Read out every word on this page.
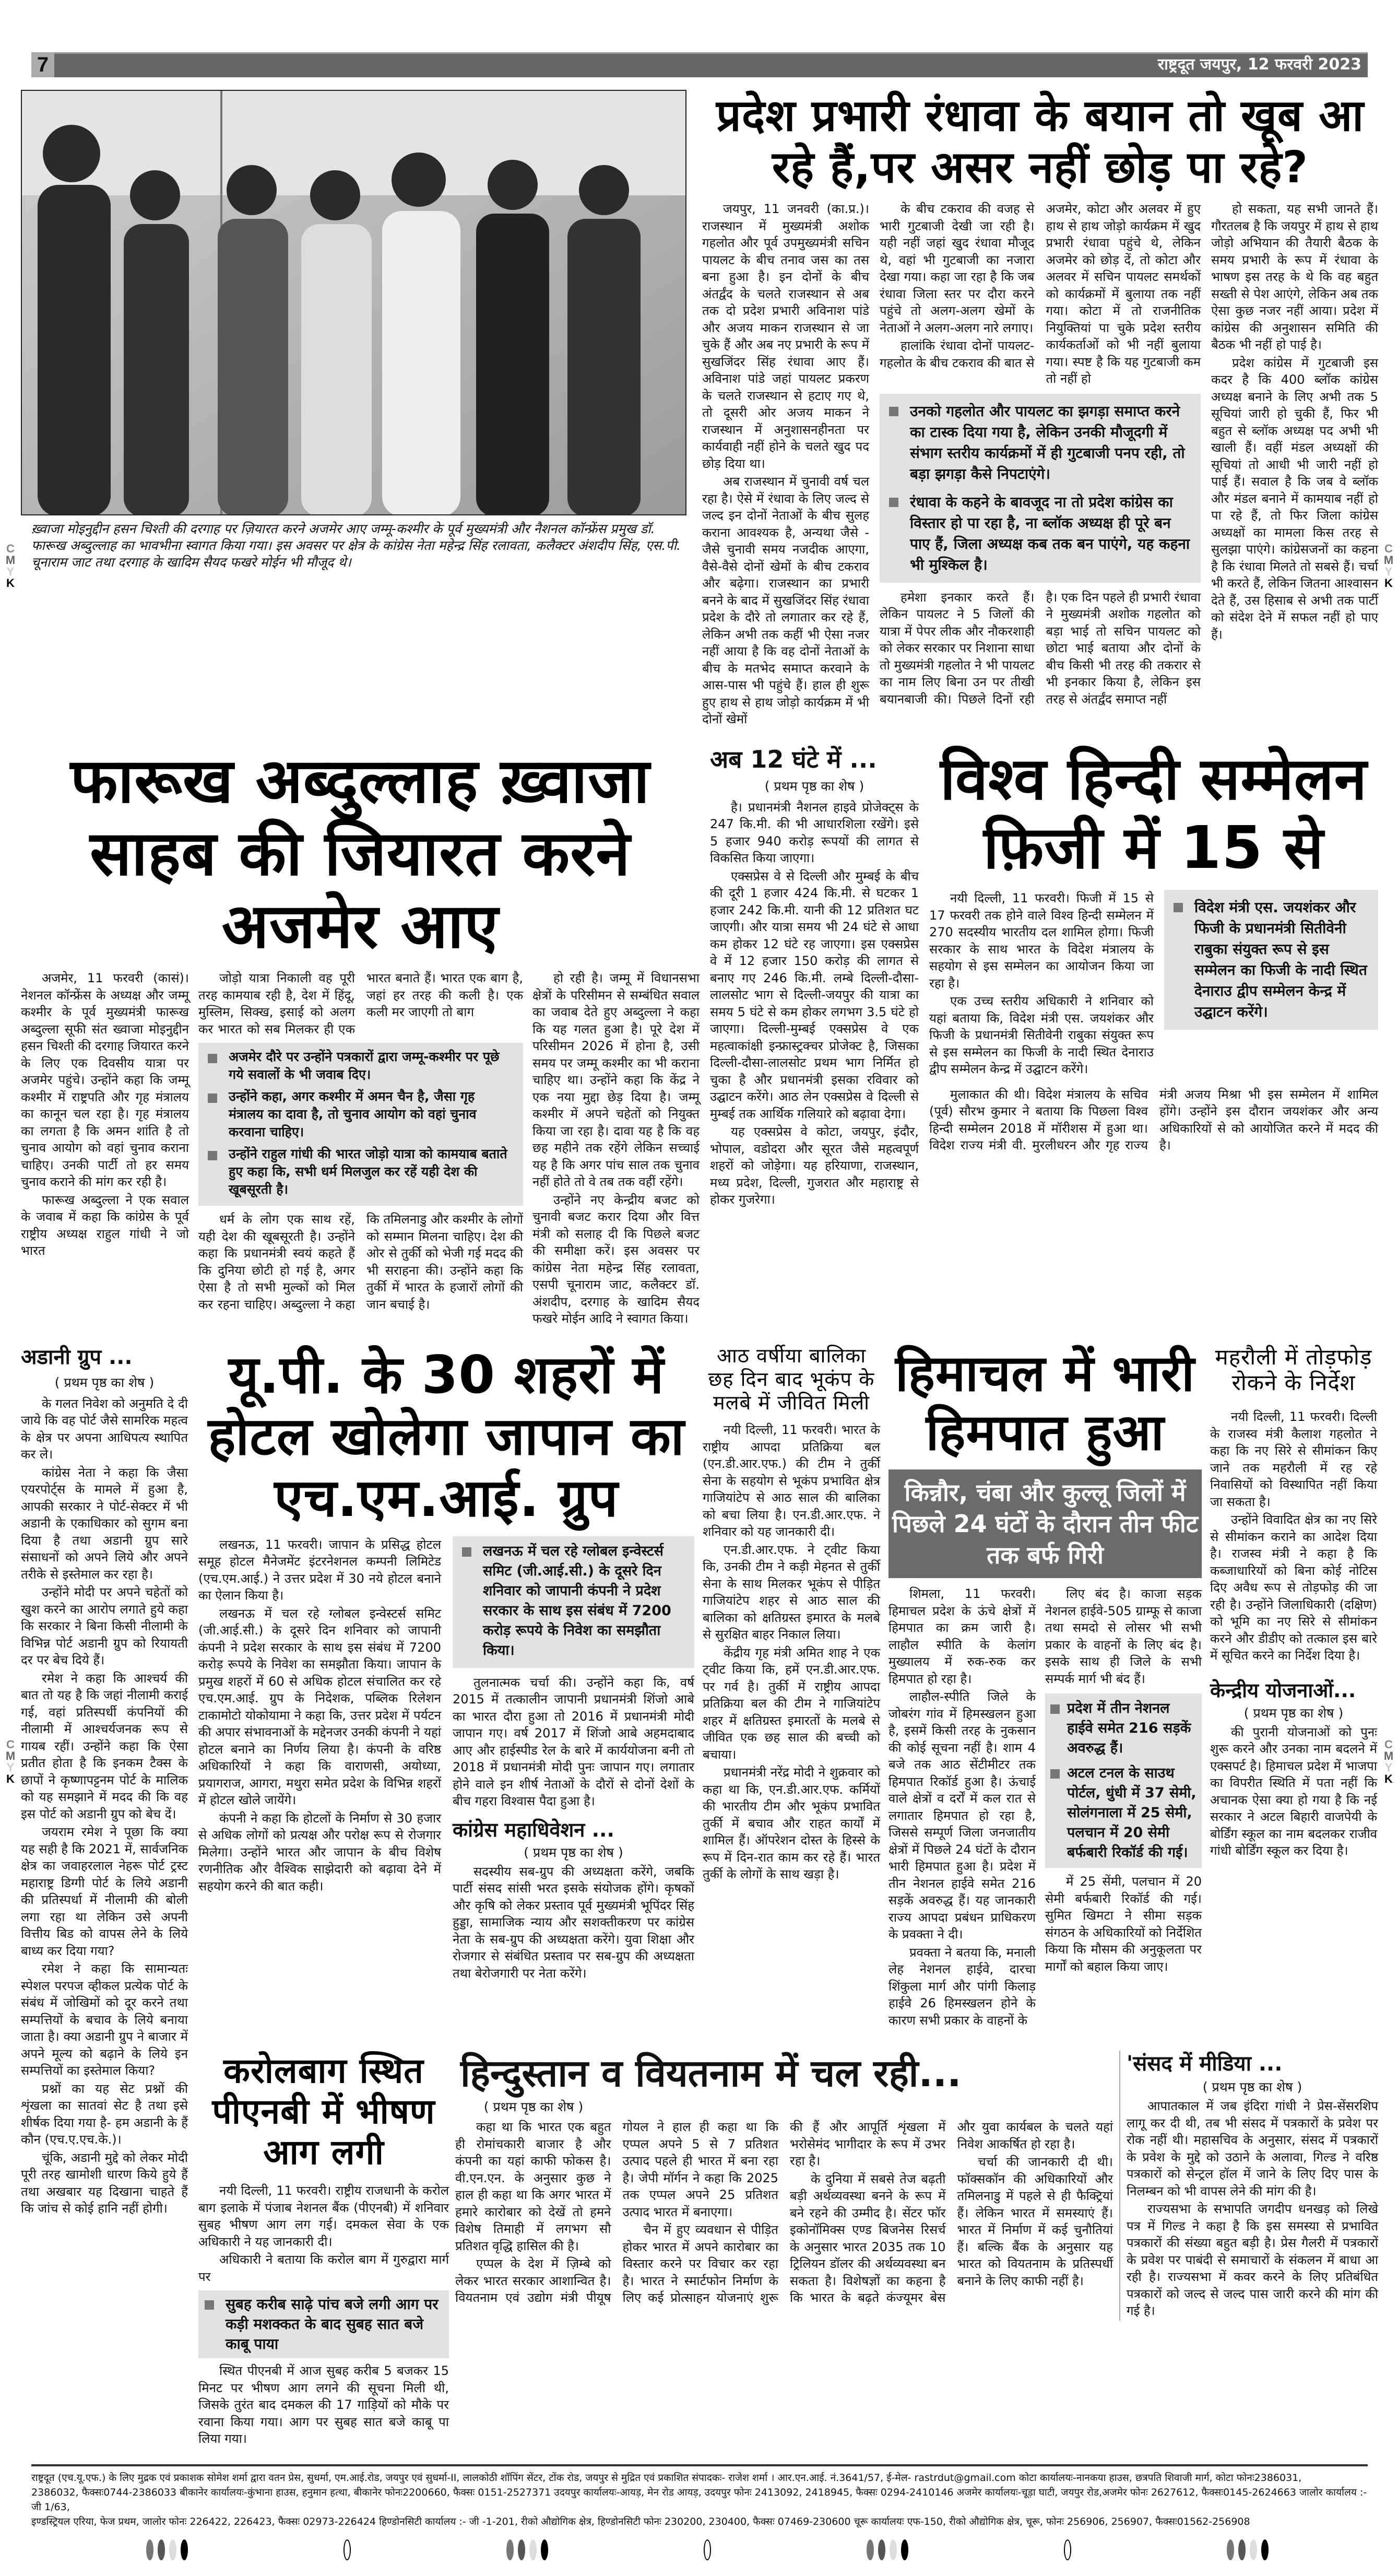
7	राष्ट्रदूत जयपुर, 12 फरवरी 2023
C
M
Y
K
C
M
Y
K
C
M
Y
K
C
M
Y
K
ख़्वाजा मोइनुद्दीन हसन चिश्ती की दरगाह पर ज़ियारत करने अजमेर आए जम्मू-कश्मीर के पूर्व मुख्यमंत्री और नैशनल कॉन्फ्रेंस प्रमुख डॉ. फारूख अब्दुल्लाह का भावभीना स्वागत किया गया। इस अवसर पर क्षेत्र के कांग्रेस नेता महेन्द्र सिंह रलावता, कलैक्टर अंशदीप सिंह, एस.पी. चूनाराम जाट तथा दरगाह के खादिम सैयद फखरे मोईन भी मौजूद थे।
प्रदेश प्रभारी रंधावा के बयान तो खूब आ रहे हैं,पर असर नहीं छोड़ पा रहे?

जयपुर, 11 जनवरी (का.प्र.)। राजस्थान में मुख्यमंत्री अशोक गहलोत और पूर्व उपमुख्यमंत्री सचिन पायलट के बीच तनाव जस का तस बना हुआ है। इन दोनों के बीच अंतर्द्वंद के चलते राजस्थान से अब तक दो प्रदेश प्रभारी अविनाश पांडे और अजय माकन राजस्थान से जा चुके हैं और अब नए प्रभारी के रूप में सुखजिंदर सिंह रंधावा आए हैं। अविनाश पांडे जहां पायलट प्रकरण के चलते राजस्थान से हटाए गए थे, तो दूसरी ओर अजय माकन ने राजस्थान में अनुशासनहीनता पर कार्यवाही नहीं होने के चलते खुद पद छोड़ दिया था।

अब राजस्थान में चुनावी वर्ष चल रहा है। ऐसे में रंधावा के लिए जल्द से जल्द इन दोनों नेताओं के बीच सुलह कराना आवश्यक है, अन्यथा जैसे - जैसे चुनावी समय नजदीक आएगा, वैसे-वैसे दोनों खेमों के बीच टकराव और बढ़ेगा। राजस्थान का प्रभारी बनने के बाद में सुखजिंदर सिंह रंधावा प्रदेश के दौरे तो लगातार कर रहे हैं, लेकिन अभी तक कहीं भी ऐसा नजर नहीं आया है कि वह दोनों नेताओं के बीच के मतभेद समाप्त करवाने के आस-पास भी पहुंचे हैं। हाल ही शुरू हुए हाथ से हाथ जोड़ो कार्यक्रम में भी दोनों खेमों

के बीच टकराव की वजह से भारी गुटबाजी देखी जा रही है। यही नहीं जहां खुद रंधावा मौजूद थे, वहां भी गुटबाजी का नजारा देखा गया। कहा जा रहा है कि जब रंधावा जिला स्तर पर दौरा करने पहुंचे तो अलग-अलग खेमों के नेताओं ने अलग-अलग नारे लगाए।

हालांकि रंधावा दोनों पायलट-गहलोत के बीच टकराव की बात से अजमेर, कोटा और अलवर में हुए हाथ से हाथ जोड़ो कार्यक्रम में खुद प्रभारी रंधावा पहुंचे थे, लेकिन अजमेर को छोड़ दें, तो कोटा और अलवर में सचिन पायलट समर्थकों को कार्यक्रमों में बुलाया तक नहीं गया। कोटा में तो राजनीतिक नियुक्तियां पा चुके प्रदेश स्तरीय कार्यकर्ताओं को भी नहीं बुलाया गया। स्पष्ट है कि यह गुटबाजी कम तो नहीं हो

उनको गहलोत और पायलट का झगड़ा समाप्त करने का टास्क दिया गया है, लेकिन उनकी मौजूदगी में संभाग स्तरीय कार्यक्रमों में ही गुटबाजी पनप रही, तो बड़ा झगड़ा कैसे निपटाएंगे।
रंधावा के कहने के बावजूद ना तो प्रदेश कांग्रेस का विस्तार हो पा रहा है, ना ब्लॉक अध्यक्ष ही पूरे बन पाए हैं, जिला अध्यक्ष कब तक बन पाएंगे, यह कहना भी मुश्किल है।

हमेशा इनकार करते हैं। लेकिन पायलट ने 5 जिलों की यात्रा में पेपर लीक और नौकरशाही को लेकर सरकार पर निशाना साधा तो मुख्यमंत्री गहलोत ने भी पायलट का नाम लिए बिना उन पर तीखी बयानबाजी की। पिछले दिनों रही है। एक दिन पहले ही प्रभारी रंधावा ने मुख्यमंत्री अशोक गहलोत को बड़ा भाई तो सचिन पायलट को छोटा भाई बताया और दोनों के बीच किसी भी तरह की तकरार से भी इनकार किया है, लेकिन इस तरह से अंतर्द्वंद समाप्त नहीं

हो सकता, यह सभी जानते हैं। गौरतलब है कि जयपुर में हाथ से हाथ जोड़ो अभियान की तैयारी बैठक के समय प्रभारी के रूप में रंधावा के भाषण इस तरह के थे कि वह बहुत सख्ती से पेश आएंगे, लेकिन अब तक ऐसा कुछ नजर नहीं आया। प्रदेश में कांग्रेस की अनुशासन समिति की बैठक भी नहीं हो पाई है।

प्रदेश कांग्रेस में गुटबाजी इस कदर है कि 400 ब्लॉक कांग्रेस अध्यक्ष बनाने के लिए अभी तक 5 सूचियां जारी हो चुकी हैं, फिर भी बहुत से ब्लॉक अध्यक्ष पद अभी भी खाली हैं। वहीं मंडल अध्यक्षों की सूचियां तो आधी भी जारी नहीं हो पाई हैं। सवाल है कि जब वे ब्लॉक और मंडल बनाने में कामयाब नहीं हो पा रहे हैं, तो फिर जिला कांग्रेस अध्यक्षों का मामला किस तरह से सुलझा पाएंगे। कांग्रेसजनों का कहना है कि रंधावा मिलते तो सबसे हैं। चर्चा भी करते हैं, लेकिन जितना आश्वासन देते हैं, उस हिसाब से अभी तक पार्टी को संदेश देने में सफल नहीं हो पाए हैं।

फारूख अब्दुल्लाह ख़्वाजा साहब की जियारत करने अजमेर आए

अजमेर, 11 फरवरी (कासं)। नेशनल कॉन्फ्रेंस के अध्यक्ष और जम्मू कश्मीर के पूर्व मुख्यमंत्री फारूख अब्दुल्ला सूफी संत ख्वाजा मोइनुद्दीन हसन चिश्ती की दरगाह जियारत करने के लिए एक दिवसीय यात्रा पर अजमेर पहुंचे। उन्होंने कहा कि जम्मू कश्मीर में राष्ट्रपति और गृह मंत्रालय का कानून चल रहा है। गृह मंत्रालय का लगता है कि अमन शांति है तो चुनाव आयोग को वहां चुनाव कराना चाहिए। उनकी पार्टी तो हर समय चुनाव कराने की मांग कर रही है।

फारूख अब्दुल्ला ने एक सवाल के जवाब में कहा कि कांग्रेस के पूर्व राष्ट्रीय अध्यक्ष राहुल गांधी ने जो भारत

जोड़ो यात्रा निकाली वह पूरी तरह कामयाब रही है, देश में हिंदू, मुस्लिम, सिक्ख, इसाई को अलग कर भारत को सब मिलकर ही एक भारत बनाते हैं। भारत एक बाग है, जहां हर तरह की कली है। एक कली मर जाएगी तो बाग

अजमेर दौरे पर उन्होंने पत्रकारों द्वारा जम्मू-कश्मीर पर पूछे गये सवालों के भी जवाब दिए।
उन्होंने कहा, अगर कश्मीर में अमन चैन है, जैसा गृह मंत्रालय का दावा है, तो चुनाव आयोग को वहां चुनाव करवाना चाहिए।
उन्होंने राहुल गांधी की भारत जोड़ो यात्रा को कामयाब बताते हुए कहा कि, सभी धर्म मिलजुल कर रहें यही देश की खूबसूरती है।

धर्म के लोग एक साथ रहें, यही देश की खूबसूरती है। उन्होंने कहा कि प्रधानमंत्री स्वयं कहते हैं कि दुनिया छोटी हो गई है, अगर ऐसा है तो सभी मुल्कों को मिल कर रहना चाहिए। अब्दुल्ला ने कहा कि तमिलनाडु और कश्मीर के लोगों को सम्मान मिलना चाहिए। देश की ओर से तुर्की को भेजी गई मदद की भी सराहना की। उन्होंने कहा कि तुर्की में भारत के हजारों लोगों की जान बचाई है।

हो रही है। जम्मू में विधानसभा क्षेत्रों के परिसीमन से सम्बंधित सवाल का जवाब देते हुए अब्दुल्ला ने कहा कि यह गलत हुआ है। पूरे देश में परिसीमन 2026 में होना है, उसी समय पर जम्मू कश्मीर का भी कराना चाहिए था। उन्होंने कहा कि केंद्र ने एक नया मुद्दा छेड़ दिया है। जम्मू कश्मीर में अपने चहेतों को नियुक्त किया जा रहा है। दावा यह है कि वह छह महीने तक रहेंगे लेकिन सच्चाई यह है कि अगर पांच साल तक चुनाव नहीं होते तो वे तब तक वहीं रहेंगे।

उन्होंने नए केन्द्रीय बजट को चुनावी बजट करार दिया और वित्त मंत्री को सलाह दी कि पिछले बजट की समीक्षा करें। इस अवसर पर कांग्रेस नेता महेन्द्र सिंह रलावता, एसपी चूनाराम जाट, कलैक्टर डॉ. अंशदीप, दरगाह के खादिम सैयद फखरे मोईन आदि ने स्वागत किया।

अब 12 घंटे में ...
( प्रथम पृष्ठ का शेष )

है। प्रधानमंत्री नैशनल हाइवे प्रोजेक्ट्स के 247 कि.मी. की भी आधारशिला रखेंगे। इसे 5 हजार 940 करोड़ रूपयों की लागत से विकसित किया जाएगा।

एक्सप्रेस वे से दिल्ली और मुम्बई के बीच की दूरी 1 हजार 424 कि.मी. से घटकर 1 हजार 242 कि.मी. यानी की 12 प्रतिशत घट जाएगी। और यात्रा समय भी 24 घंटे से आधा कम होकर 12 घंटे रह जाएगा। इस एक्सप्रेस वे में 12 हजार 150 करोड़ की लागत से बनाए गए 246 कि.मी. लम्बे दिल्ली-दौसा-लालसोट भाग से दिल्ली-जयपुर की यात्रा का समय 5 घंटे से कम होकर लगभग 3.5 घंटे हो जाएगा। दिल्ली-मुम्बई एक्सप्रेस वे एक महत्वाकांक्षी इन्फ्रास्ट्रक्चर प्रोजेक्ट है, जिसका दिल्ली-दौसा-लालसोट प्रथम भाग निर्मित हो चुका है और प्रधानमंत्री इसका रविवार को उद्घाटन करेंगे। आठ लेन एक्सप्रेस वे दिल्ली से मुम्बई तक आर्थिक गलियारे को बढ़ावा देगा।

यह एक्सप्रेस वे कोटा, जयपुर, इंदौर, भोपाल, वडोदरा और सूरत जैसे महत्वपूर्ण शहरों को जोड़ेगा। यह हरियाणा, राजस्थान, मध्य प्रदेश, दिल्ली, गुजरात और महाराष्ट्र से होकर गुजरेगा।

विश्व हिन्दी सम्मेलन फ़िजी में 15 से

नयी दिल्ली, 11 फरवरी। फिजी में 15 से 17 फरवरी तक होने वाले विश्व हिन्दी सम्मेलन में 270 सदस्यीय भारतीय दल शामिल होगा। फिजी सरकार के साथ भारत के विदेश मंत्रालय के सहयोग से इस सम्मेलन का आयोजन किया जा रहा है।

एक उच्च स्तरीय अधिकारी ने शनिवार को यहां बताया कि, विदेश मंत्री एस. जयशंकर और फिजी के प्रधानमंत्री सितीवेनी राबुका संयुक्त रूप से इस सम्मेलन का फिजी के नादी स्थित देनाराउ द्वीप सम्मेलन केन्द्र में उद्घाटन करेंगे।

विदेश मंत्री एस. जयशंकर और फिजी के प्रधानमंत्री सितीवेनी राबुका संयुक्त रूप से इस सम्मेलन का फिजी के नादी स्थित देनाराउ द्वीप सम्मेलन केन्द्र में उद्घाटन करेंगे।

मुलाकात की थी। विदेश मंत्रालय के सचिव (पूर्व) सौरभ कुमार ने बताया कि पिछला विश्व हिन्दी सम्मेलन 2018 में मॉरीशस में हुआ था। विदेश राज्य मंत्री वी. मुरलीधरन और गृह राज्य मंत्री अजय मिश्रा भी इस सम्मेलन में शामिल होंगे। उन्होंने इस दौरान जयशंकर और अन्य अधिकारियों से को आयोजित करने में मदद की है।

अडानी ग्रुप ...
( प्रथम पृष्ठ का शेष )

के गलत निवेश को अनुमति दे दी जाये कि वह पोर्ट जैसे सामरिक महत्व के क्षेत्र पर अपना आधिपत्य स्थापित कर ले।

कांग्रेस नेता ने कहा कि जैसा एयरपोर्ट्स के मामले में हुआ है, आपकी सरकार ने पोर्ट-सेक्टर में भी अडानी के एकाधिकार को सुगम बना दिया है तथा अडानी ग्रुप सारे संसाधनों को अपने लिये और अपने तरीके से इस्तेमाल कर रहा है।

उन्होंने मोदी पर अपने चहेतों को खुश करने का आरोप लगाते हुये कहा कि सरकार ने बिना किसी नीलामी के विभिन्न पोर्ट अडानी ग्रुप को रियायती दर पर बेच दिये हैं।

रमेश ने कहा कि आश्चर्य की बात तो यह है कि जहां नीलामी कराई गई, वहां प्रतिस्पर्धी कंपनियों की नीलामी में आश्चर्यजनक रूप से गायब रहीं। उन्होंने कहा कि ऐसा प्रतीत होता है कि इनकम टैक्स के छापों ने कृष्णापट्टनम पोर्ट के मालिक को यह समझाने में मदद की कि वह इस पोर्ट को अडानी ग्रुप को बेच दें।

जयराम रमेश ने पूछा कि क्या यह सही है कि 2021 में, सार्वजनिक क्षेत्र का जवाहरलाल नेहरू पोर्ट ट्रस्ट महाराष्ट्र डिग्गी पोर्ट के लिये अडानी की प्रतिस्पर्धा में नीलामी की बोली लगा रहा था लेकिन उसे अपनी वित्तीय बिड को वापस लेने के लिये बाध्य कर दिया गया?

रमेश ने कहा कि सामान्यतः स्पेशल परपज व्हीकल प्रत्येक पोर्ट के संबंध में जोखिमों को दूर करने तथा सम्पत्तियों के बचाव के लिये बनाया जाता है। क्या अडानी ग्रुप ने बाजार में अपने मूल्य को बढ़ाने के लिये इन सम्पत्तियों का इस्तेमाल किया?

प्रश्नों का यह सेट प्रश्नों की शृंखला का सातवां सेट है तथा इसे शीर्षक दिया गया है- हम अडानी के हैं कौन (एच.ए.एच.के.)।

चूंकि, अडानी मुद्दे को लेकर मोदी पूरी तरह खामोशी धारण किये हुये हैं तथा अखबार यह दिखाना चाहते हैं कि जांच से कोई हानि नहीं होगी।

यू.पी. के 30 शहरों में होटल खोलेगा जापान का एच.एम.आई. ग्रुप

लखनऊ, 11 फरवरी। जापान के प्रसिद्ध होटल समूह होटल मैनेजमेंट इंटरनेशनल कम्पनी लिमिटेड (एच.एम.आई.) ने उत्तर प्रदेश में 30 नये होटल बनाने का ऐलान किया है।

लखनऊ में चल रहे ग्लोबल इन्वेस्टर्स समिट (जी.आई.सी.) के दूसरे दिन शनिवार को जापानी कंपनी ने प्रदेश सरकार के साथ इस संबंध में 7200 करोड़ रूपये के निवेश का समझौता किया। जापान के प्रमुख शहरों में 60 से अधिक होटल संचालित कर रहे एच.एम.आई. ग्रुप के निदेशक, पब्लिक रिलेशन टाकामोटो योकोयामा ने कहा कि, उत्तर प्रदेश में पर्यटन की अपार संभावनाओं के मद्देनजर उनकी कंपनी ने यहां होटल बनाने का निर्णय लिया है। कंपनी के वरिष्ठ अधिकारियों ने कहा कि वाराणसी, अयोध्या, प्रयागराज, आगरा, मथुरा समेत प्रदेश के विभिन्न शहरों में होटल खोले जायेंगे।

कंपनी ने कहा कि होटलों के निर्माण से 30 हजार से अधिक लोगों को प्रत्यक्ष और परोक्ष रूप से रोजगार मिलेगा। उन्होंने भारत और जापान के बीच विशेष रणनीतिक और वैश्विक साझेदारी को बढ़ावा देने में सहयोग करने की बात कही।

लखनऊ में चल रहे ग्लोबल इन्वेस्टर्स समिट (जी.आई.सी.) के दूसरे दिन शनिवार को जापानी कंपनी ने प्रदेश सरकार के साथ इस संबंध में 7200 करोड़ रूपये के निवेश का समझौता किया।

तुलनात्मक चर्चा की। उन्होंने कहा कि, वर्ष 2015 में तत्कालीन जापानी प्रधानमंत्री शिंजो आबे का भारत दौरा हुआ तो 2016 में प्रधानमंत्री मोदी जापान गए। वर्ष 2017 में शिंजो आबे अहमदाबाद आए और हाईस्पीड रेल के बारे में कार्ययोजना बनी तो 2018 में प्रधानमंत्री मोदी पुनः जापान गए। लगातार होने वाले इन शीर्ष नेताओं के दौरों से दोनों देशों के बीच गहरा विश्वास पैदा हुआ है।

कांग्रेस महाधिवेशन ...
( प्रथम पृष्ठ का शेष )

सदस्यीय सब-ग्रुप की अध्यक्षता करेंगे, जबकि पार्टी संसद सांसी भरत इसके संयोजक होंगे। कृषकों और कृषि को लेकर प्रस्ताव पूर्व मुख्यमंत्री भूपिंदर सिंह हुड्डा, सामाजिक न्याय और सशक्तीकरण पर कांग्रेस नेता के सब-ग्रुप की अध्यक्षता करेंगे। युवा शिक्षा और रोजगार से संबंधित प्रस्ताव पर सब-ग्रुप की अध्यक्षता तथा बेरोजगारी पर नेता करेंगे।

आठ वर्षीया बालिका छह दिन बाद भूकंप के मलबे में जीवित मिली

नयी दिल्ली, 11 फरवरी। भारत के राष्ट्रीय आपदा प्रतिक्रिया बल (एन.डी.आर.एफ.) की टीम ने तुर्की सेना के सहयोग से भूकंप प्रभावित क्षेत्र गाजियांटेप से आठ साल की बालिका को बचा लिया है। एन.डी.आर.एफ. ने शनिवार को यह जानकारी दी।

एन.डी.आर.एफ. ने ट्वीट किया कि, उनकी टीम ने कड़ी मेहनत से तुर्की सेना के साथ मिलकर भूकंप से पीड़ित गाजियांटेप शहर से आठ साल की बालिका को क्षतिग्रस्त इमारत के मलबे से सुरक्षित बाहर निकाल लिया।

केंद्रीय गृह मंत्री अमित शाह ने एक ट्वीट किया कि, हमें एन.डी.आर.एफ. पर गर्व है। तुर्की में राष्ट्रीय आपदा प्रतिक्रिया बल की टीम ने गाजियांटेप शहर में क्षतिग्रस्त इमारतों के मलबे से जीवित एक छह साल की बच्ची को बचाया।

प्रधानमंत्री नरेंद्र मोदी ने शुक्रवार को कहा था कि, एन.डी.आर.एफ. कर्मियों की भारतीय टीम और भूकंप प्रभावित तुर्की में बचाव और राहत कार्यों में शामिल हैं। ऑपरेशन दोस्त के हिस्से के रूप में दिन-रात काम कर रहे हैं। भारत तुर्की के लोगों के साथ खड़ा है।

हिमाचल में भारी हिमपात हुआ
किन्नौर, चंबा और कुल्लू जिलों में पिछले 24 घंटों के दौरान तीन फीट तक बर्फ गिरी

शिमला, 11 फरवरी। हिमाचल प्रदेश के ऊंचे क्षेत्रों में हिमपात का क्रम जारी है। लाहौल स्पीति के केलांग मुख्यालय में रुक-रुक कर हिमपात हो रहा है।

लाहौल-स्पीति जिले के जोबरंग गांव में हिमस्खलन हुआ है, इसमें किसी तरह के नुकसान की कोई सूचना नहीं है। शाम 4 बजे तक आठ सेंटीमीटर तक हिमपात रिकॉर्ड हुआ है। ऊंचाई वाले क्षेत्रों व दर्रों में कल रात से लगातार हिमपात हो रहा है, जिससे सम्पूर्ण जिला जनजातीय क्षेत्रों में पिछले 24 घंटों के दौरान भारी हिमपात हुआ है। प्रदेश में तीन नेशनल हाईवे समेत 216 सड़कें अवरुद्ध हैं। यह जानकारी राज्य आपदा प्रबंधन प्राधिकरण के प्रवक्ता ने दी।

प्रवक्ता ने बतया कि, मनाली लेह नेशनल हाईवे, दारचा शिंकुला मार्ग और पांगी किलाड़ हाईवे 26 हिमस्खलन होने के कारण सभी प्रकार के वाहनों के

लिए बंद है। काजा सड़क नेशनल हाईवे-505 ग्राम्फू से काजा तथा समदो से लोसर भी सभी प्रकार के वाहनों के लिए बंद है। इसके साथ ही जिले के सभी सम्पर्क मार्ग भी बंद हैं।

प्रदेश में तीन नेशनल हाईवे समेत 216 सड़कें अवरुद्ध हैं।
अटल टनल के साउथ पोर्टल, धुंधी में 37 सेमी, सोलंगनाला में 25 सेमी, पलचान में 20 सेमी बर्फबारी रिकॉर्ड की गई।

में 25 सेंमी, पलचान में 20 सेमी बर्फबारी रिकॉर्ड की गई। सुमित खिमटा ने सीमा सड़क संगठन के अधिकारियों को निर्देशित किया कि मौसम की अनुकूलता पर मार्गों को बहाल किया जाए।

महरौली में तोड़फोड़ रोकने के निर्देश

नयी दिल्ली, 11 फरवरी। दिल्ली के राजस्व मंत्री कैलाश गहलोत ने कहा कि नए सिरे से सीमांकन किए जाने तक महरौली में रह रहे निवासियों को विस्थापित नहीं किया जा सकता है।

उन्होंने विवादित क्षेत्र का नए सिरे से सीमांकन कराने का आदेश दिया है। राजस्व मंत्री ने कहा है कि कब्जाधारियों को बिना कोई नोटिस दिए अवैध रूप से तोड़फोड़ की जा रही है। उन्होंने जिलाधिकारी (दक्षिण) को भूमि का नए सिरे से सीमांकन करने और डीडीए को तत्काल इस बारे में सूचित करने का निर्देश दिया है।

केन्द्रीय योजनाओं...
( प्रथम पृष्ठ का शेष )

की पुरानी योजनाओं को पुनः शुरू करने और उनका नाम बदलने में एक्सपर्ट है। हिमाचल प्रदेश में भाजपा का विपरीत स्थिति में पता नहीं कि अचानक ऐसा क्या हो गया है कि नई सरकार ने अटल बिहारी वाजपेयी के बोर्डिंग स्कूल का नाम बदलकर राजीव गांधी बोर्डिंग स्कूल कर दिया है।

करोलबाग स्थित पीएनबी में भीषण आग लगी

नयी दिल्ली, 11 फरवरी। राष्ट्रीय राजधानी के करोल बाग इलाके में पंजाब नेशनल बैंक (पीएनबी) में शनिवार सुबह भीषण आग लग गई। दमकल सेवा के एक अधिकारी ने यह जानकारी दी।

अधिकारी ने बताया कि करोल बाग में गुरुद्वारा मार्ग पर

सुबह करीब साढ़े पांच बजे लगी आग पर कड़ी मशक्कत के बाद सुबह सात बजे काबू पाया

स्थित पीएनबी में आज सुबह करीब 5 बजकर 15 मिनट पर भीषण आग लगने की सूचना मिली थी, जिसके तुरंत बाद दमकल की 17 गाड़ियों को मौके पर रवाना किया गया। आग पर सुबह सात बजे काबू पा लिया गया।

हिन्दुस्तान व वियतनाम में चल रही...
( प्रथम पृष्ठ का शेष )

कहा था कि भारत एक बहुत ही रोमांचकारी बाजार है और कंपनी का यहां काफी फोकस है। वी.एन.एन. के अनुसार कुछ ने हाल ही कहा था कि अगर भारत में हमारे कारोबार को देखें तो हमने विशेष तिमाही में लगभग सौ प्रतिशत वृद्धि हासिल की है।

एप्पल के देश में ज़िम्बे को लेकर भारत सरकार आशान्वित है। वियतनाम एवं उद्योग मंत्री पीयूष गोयल ने हाल ही कहा था कि एप्पल अपने 5 से 7 प्रतिशत उत्पाद पहले ही भारत में बना रहा है। जेपी मॉर्गन ने कहा कि 2025 तक एप्पल अपने 25 प्रतिशत उत्पाद भारत में बनाएगा।

चैन में हुए व्यवधान से पीड़ित होकर भारत में अपने कारोबार का विस्तार करने पर विचार कर रहा है। भारत ने स्मार्टफोन निर्माण के लिए कई प्रोत्साहन योजनाएं शुरू की हैं और आपूर्ति शृंखला में भरोसेमंद भागीदार के रूप में उभर रहा है।

के दुनिया में सबसे तेज बढ़ती बड़ी अर्थव्यवस्था बनने के रूप में बने रहने की उम्मीद है। सेंटर फॉर इकोनॉमिक्स एण्ड बिजनेस रिसर्च के अनुसार भारत 2035 तक 10 ट्रिलियन डॉलर की अर्थव्यवस्था बन सकता है। विशेषज्ञों का कहना है कि भारत के बढ़ते कंज्यूमर बेस और युवा कार्यबल के चलते यहां निवेश आकर्षित हो रहा है।

चर्चा की जानकारी दी थी। फॉक्सकॉन की अधिकारियों और तमिलनाडु में पहले से ही फैक्ट्रियां हैं। लेकिन भारत में समस्याएं हैं। भारत में निर्माण में कई चुनौतियां हैं। बल्कि बैंक के अनुसार यह भारत को वियतनाम के प्रतिस्पर्धी बनाने के लिए काफी नहीं है।

'संसद में मीडिया ...
( प्रथम पृष्ठ का शेष )

आपातकाल में जब इंदिरा गांधी ने प्रेस-सेंसरशिप लागू कर दी थी, तब भी संसद में पत्रकारों के प्रवेश पर रोक नहीं थी। महासचिव के अनुसार, संसद में पत्रकारों के प्रवेश के मुद्दे को उठाने के अलावा, गिल्ड ने वरिष्ठ पत्रकारों को सेन्ट्रल हॉल में जाने के लिए दिए पास के निलम्बन को भी वापस लेने की मांग की है।

राज्यसभा के सभापति जगदीप धनखड़ को लिखे पत्र में गिल्ड ने कहा है कि इस समस्या से प्रभावित पत्रकारों की संख्या बहुत बड़ी है। प्रेस गैलरी में पत्रकारों के प्रवेश पर पाबंदी से समाचारों के संकलन में बाधा आ रही है। राज्यसभा में कवर करने के लिए प्रतिबंधित पत्रकारों को जल्द से जल्द पास जारी करने की मांग की गई है।

राष्ट्रदूत (एच.यू.एफ.) के लिए मुद्रक एवं प्रकाशक सोमेश शर्मा द्वारा वतन प्रेस, सुधर्मा, एम.आई.रोड, जयपुर एवं सुधर्मा-II, लालकोठी शॉपिंग सेंटर, टोंक रोड, जयपुर से मुद्रित एवं प्रकाशित संपादकः- राजेश शर्मा । आर.एन.आई. नं.3641/57, ई-मेल- rastrdut@gmail.com कोटा कार्यालयः-नानकया हाउस, छत्रपति शिवाजी मार्ग, कोटा फोनः2386031,
2386032, फैक्सः0744-2386033 बीकानेर कार्यालयः-कुंभाना हाउस, हनुमान हत्था, बीकानेर फोनः2200660, फैक्सः 0151-2527371 उदयपुर कार्यालयः-आयड़, मेन रोड आयड़, उदयपुर फोनः 2413092, 2418945, फैक्सः 0294-2410146 अजमेर कार्यालयः-चूड़ा घाटी, जयपुर रोड,अजमेर फोनः 2627612, फैक्सः0145-2624663 जालोर कार्यालय :- जी 1/63,
इण्डस्ट्रियल एरिया, फेज प्रथम, जालोर फोनः 226422, 226423, फैक्सः 02973-226424 हिण्डोनसिटी कार्यालय :- जी -1-201, रीको औद्योगिक क्षेत्र, हिण्डोनसिटी फोनः 230200, 230400, फैक्सः 07469-230600 चूरू कार्यालयः एफ-150, रीको औद्योगिक क्षेत्र, चूरू, फोनः 256906, 256907, फैक्सः01562-256908
